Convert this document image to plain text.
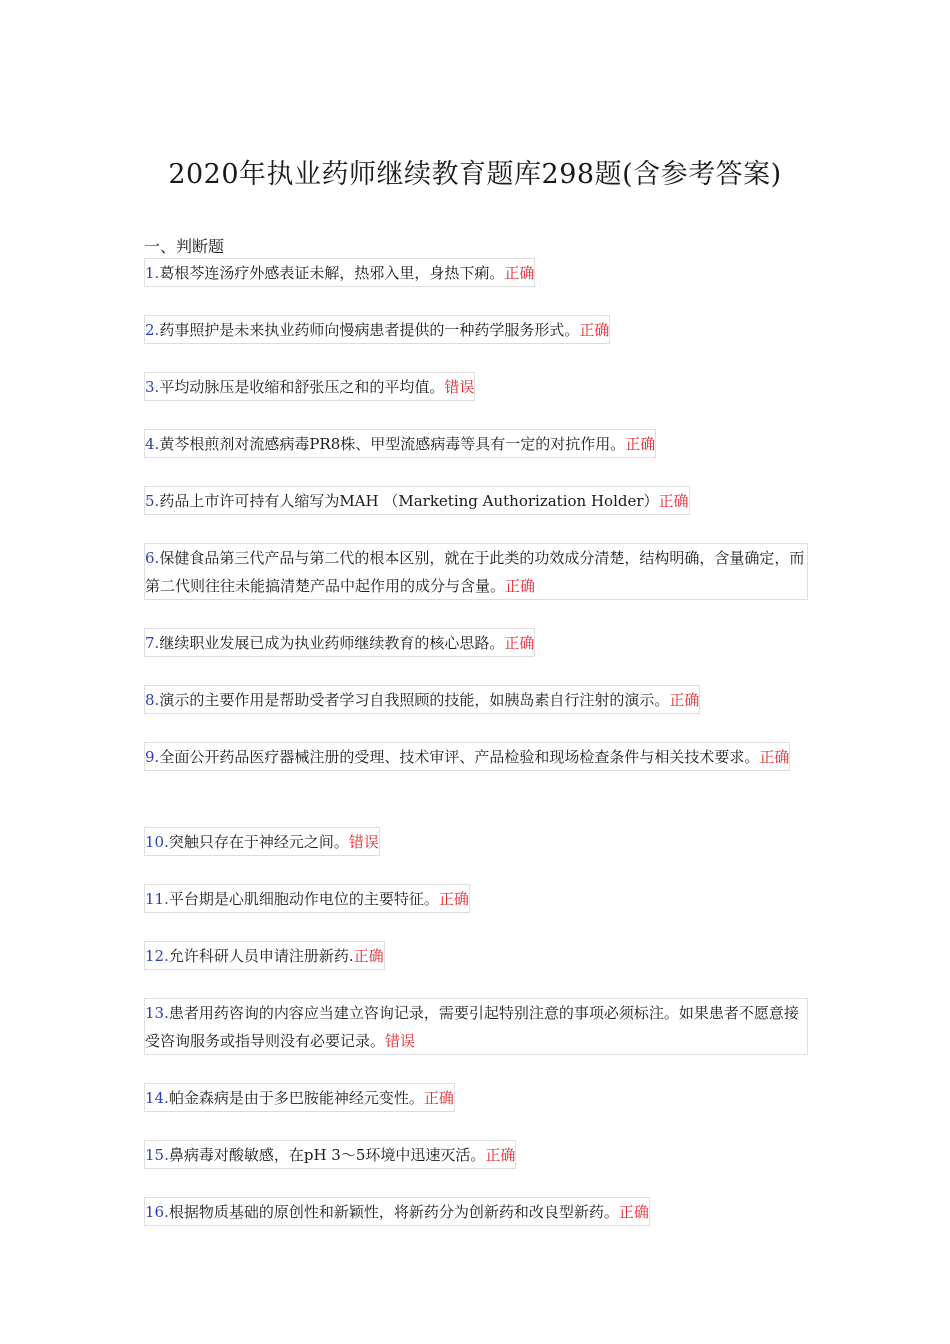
2020年执业药师继续教育题库298题(含参考答案)
一、判断题
1.葛根芩连汤疗外感表证未解，热邪入里，身热下痢。正确
2.药事照护是未来执业药师向慢病患者提供的一种药学服务形式。正确
3.平均动脉压是收缩和舒张压之和的平均值。错误
4.黄芩根煎剂对流感病毒PR8株、甲型流感病毒等具有一定的对抗作用。正确
5.药品上市许可持有人缩写为MAH （Marketing Authorization Holder）正确
6.保健食品第三代产品与第二代的根本区别，就在于此类的功效成分清楚，结构明确，含量确定，而第二代则往往未能搞清楚产品中起作用的成分与含量。正确
7.继续职业发展已成为执业药师继续教育的核心思路。正确
8.演示的主要作用是帮助受者学习自我照顾的技能，如胰岛素自行注射的演示。正确
9.全面公开药品医疗器械注册的受理、技术审评、产品检验和现场检查条件与相关技术要求。正确
10.突触只存在于神经元之间。错误
11.平台期是心肌细胞动作电位的主要特征。正确
12.允许科研人员申请注册新药.正确
13.患者用药咨询的内容应当建立咨询记录，需要引起特别注意的事项必须标注。如果患者不愿意接受咨询服务或指导则没有必要记录。错误
14.帕金森病是由于多巴胺能神经元变性。正确
15.鼻病毒对酸敏感，在pH 3～5环境中迅速灭活。正确
16.根据物质基础的原创性和新颖性，将新药分为创新药和改良型新药。正确
